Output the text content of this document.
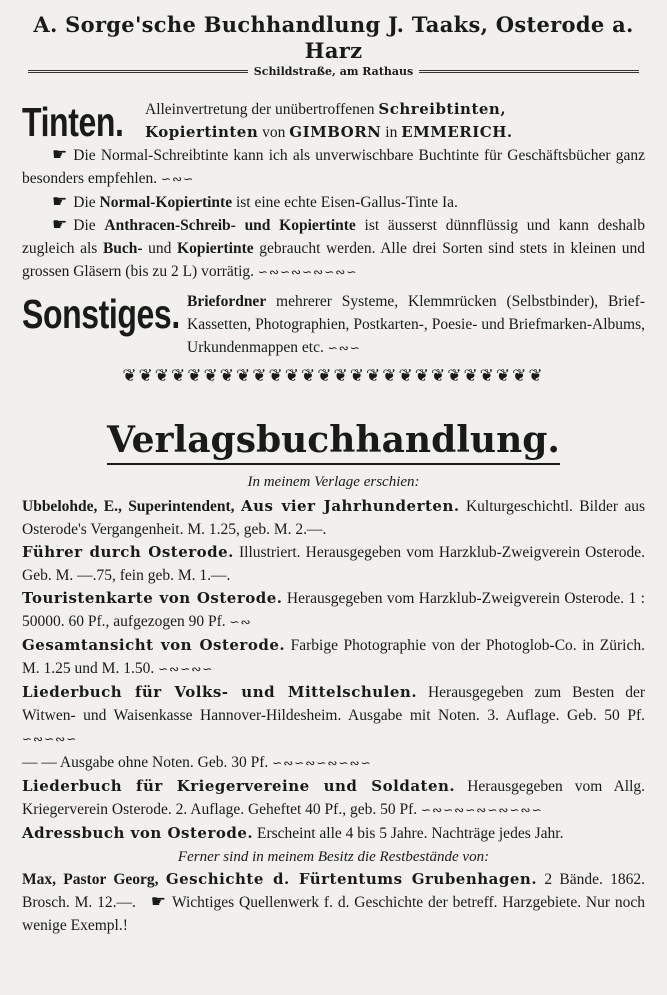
A. Sorge'sche Buchhandlung J. Taaks, Osterode a. Harz
Schildstraße, am Rathaus
Tinten. Alleinvertretung der unübertroffenen Schreibtinten,
Kopiertinten von GIMBORN in EMMERICH.
☛ Die Normal-Schreibtinte kann ich als unverwischbare Buchtinte für Geschäftsbücher ganz besonders empfehlen. ∽∾∽
☛ Die Normal-Kopiertinte ist eine echte Eisen-Gallus-Tinte Ia.
☛ Die Anthracen-Schreib- und Kopiertinte ist äusserst dünnflüssig und kann deshalb zugleich als Buch- und Kopiertinte gebraucht werden. Alle drei Sorten sind stets in kleinen und grossen Gläsern (bis zu 2 L) vorrätig. ∽∾∽∾∽∾∽∾∽
Sonstiges. Briefordner mehrerer Systeme, Klemmrücken (Selbstbinder), Brief-Kassetten, Photographien, Postkarten-, Poesie- und Briefmarken-Albums, Urkundenmappen etc. ∽∾∽
❦❦❦❦❦❦❦❦❦❦❦❦❦❦❦❦❦❦❦❦❦❦❦❦❦❦
Verlagsbuchhandlung.
In meinem Verlage erschien:
Ubbelohde, E., Superintendent, Aus vier Jahrhunderten. Kulturgeschichtl. Bilder aus Osterode's Vergangenheit. M. 1.25, geb. M. 2.—.
Führer durch Osterode. Illustriert. Herausgegeben vom Harzklub-Zweigverein Osterode. Geb. M. —.75, fein geb. M. 1.—.
Touristenkarte von Osterode. Herausgegeben vom Harzklub-Zweigverein Osterode. 1 : 50000. 60 Pf., aufgezogen 90 Pf. ∽∾
Gesamtansicht von Osterode. Farbige Photographie von der Photoglob-Co. in Zürich. M. 1.25 und M. 1.50. ∽∾∽∾∽
Liederbuch für Volks- und Mittelschulen. Herausgegeben zum Besten der Witwen- und Waisenkasse Hannover-Hildesheim. Ausgabe mit Noten. 3. Auflage. Geb. 50 Pf. ∽∾∽∾∽
— — Ausgabe ohne Noten. Geb. 30 Pf. ∽∾∽∾∽∾∽∾∽
Liederbuch für Kriegervereine und Soldaten. Herausgegeben vom Allg. Kriegerverein Osterode. 2. Auflage. Geheftet 40 Pf., geb. 50 Pf. ∽∾∽∾∽∾∽∾∽∾∽
Adressbuch von Osterode. Erscheint alle 4 bis 5 Jahre. Nachträge jedes Jahr.
Ferner sind in meinem Besitz die Restbestände von:
Max, Pastor Georg, Geschichte d. Fürtentums Grubenhagen. 2 Bände. 1862. Brosch. M. 12.—. ☛ Wichtiges Quellenwerk f. d. Geschichte der betreff. Harzgebiete. Nur noch wenige Exempl.!
